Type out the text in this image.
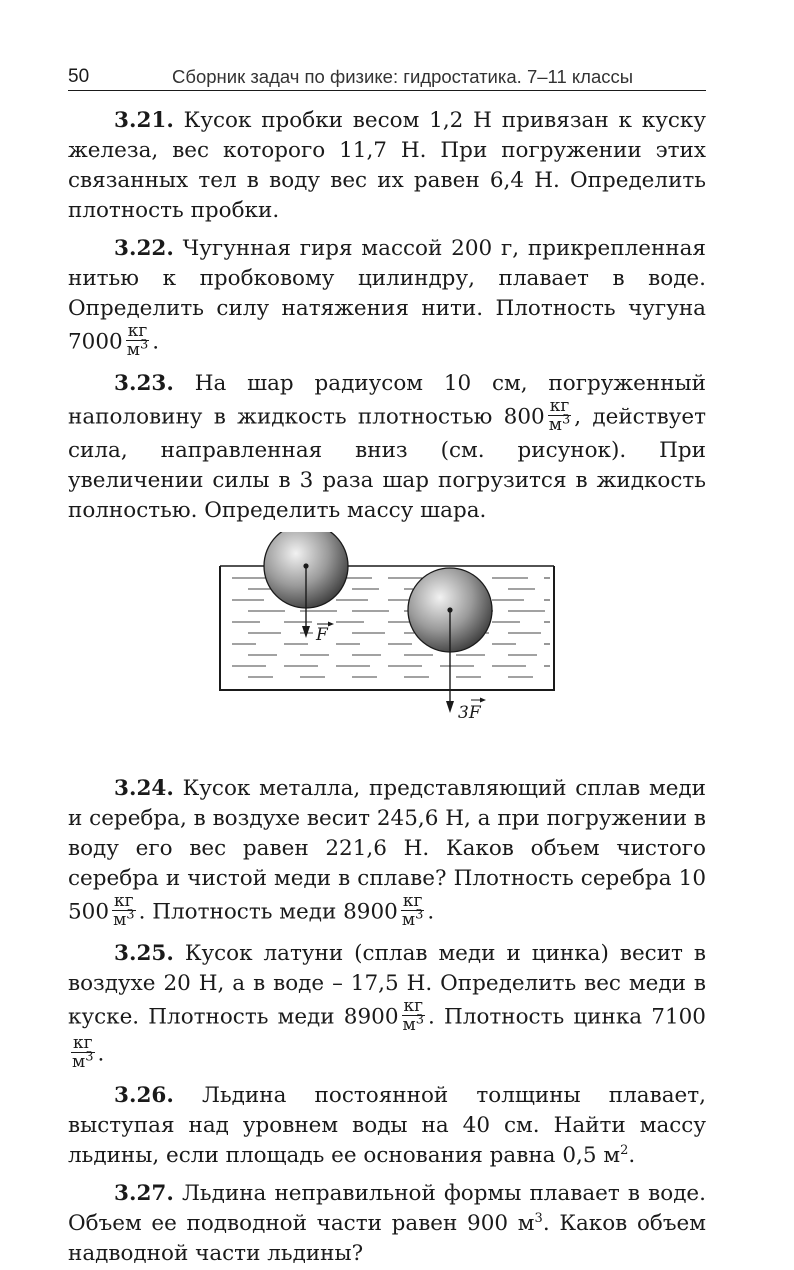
50	Сборник задач по физике: гидростатика. 7–11 классы

3.21. Кусок пробки весом 1,2 Н привязан к куску железа, вес которого 11,7 Н. При погружении этих связанных тел в воду вес их равен 6,4 Н. Определить плотность пробки.

3.22. Чугунная гиря массой 200 г, прикрепленная нитью к пробковому цилиндру, плавает в воде. Определить силу натяжения нити. Плотность чугуна $7000 \frac{кг}{м^3}$ .

3.23. На шар радиусом 10 см, погруженный наполовину в жидкость плотностью $800 \frac{кг}{м^3}$ , действует сила, направленная вниз (см. рисунок). При увеличении силы в 3 раза шар погрузится в жидкость полностью. Определить массу шара.

F
3F

3.24. Кусок металла, представляющий сплав меди и серебра, в воздухе весит 245,6 Н, а при погружении в воду его вес равен 221,6 Н. Каков объем чистого серебра и чистой меди в сплаве? Плотность серебра 10 $500 \frac{кг}{м^3}$ . Плотность меди $8900 \frac{кг}{м^3}$ .

3.25. Кусок латуни (сплав меди и цинка) весит в воздухе 20 Н, а в воде – 17,5 Н. Определить вес меди в куске. Плотность меди $8900 \frac{кг}{м^3}$ . Плотность цинка 7100
$\frac{кг}{м^3}$ .

3.26. Льдина постоянной толщины плавает, выступая над уровнем воды на 40 см. Найти массу льдины, если площадь ее основания равна 0,5 $м^2$.

3.27. Льдина неправильной формы плавает в воде. Объем ее подводной части равен 900 $м^3$. Каков объем надводной части льдины?
